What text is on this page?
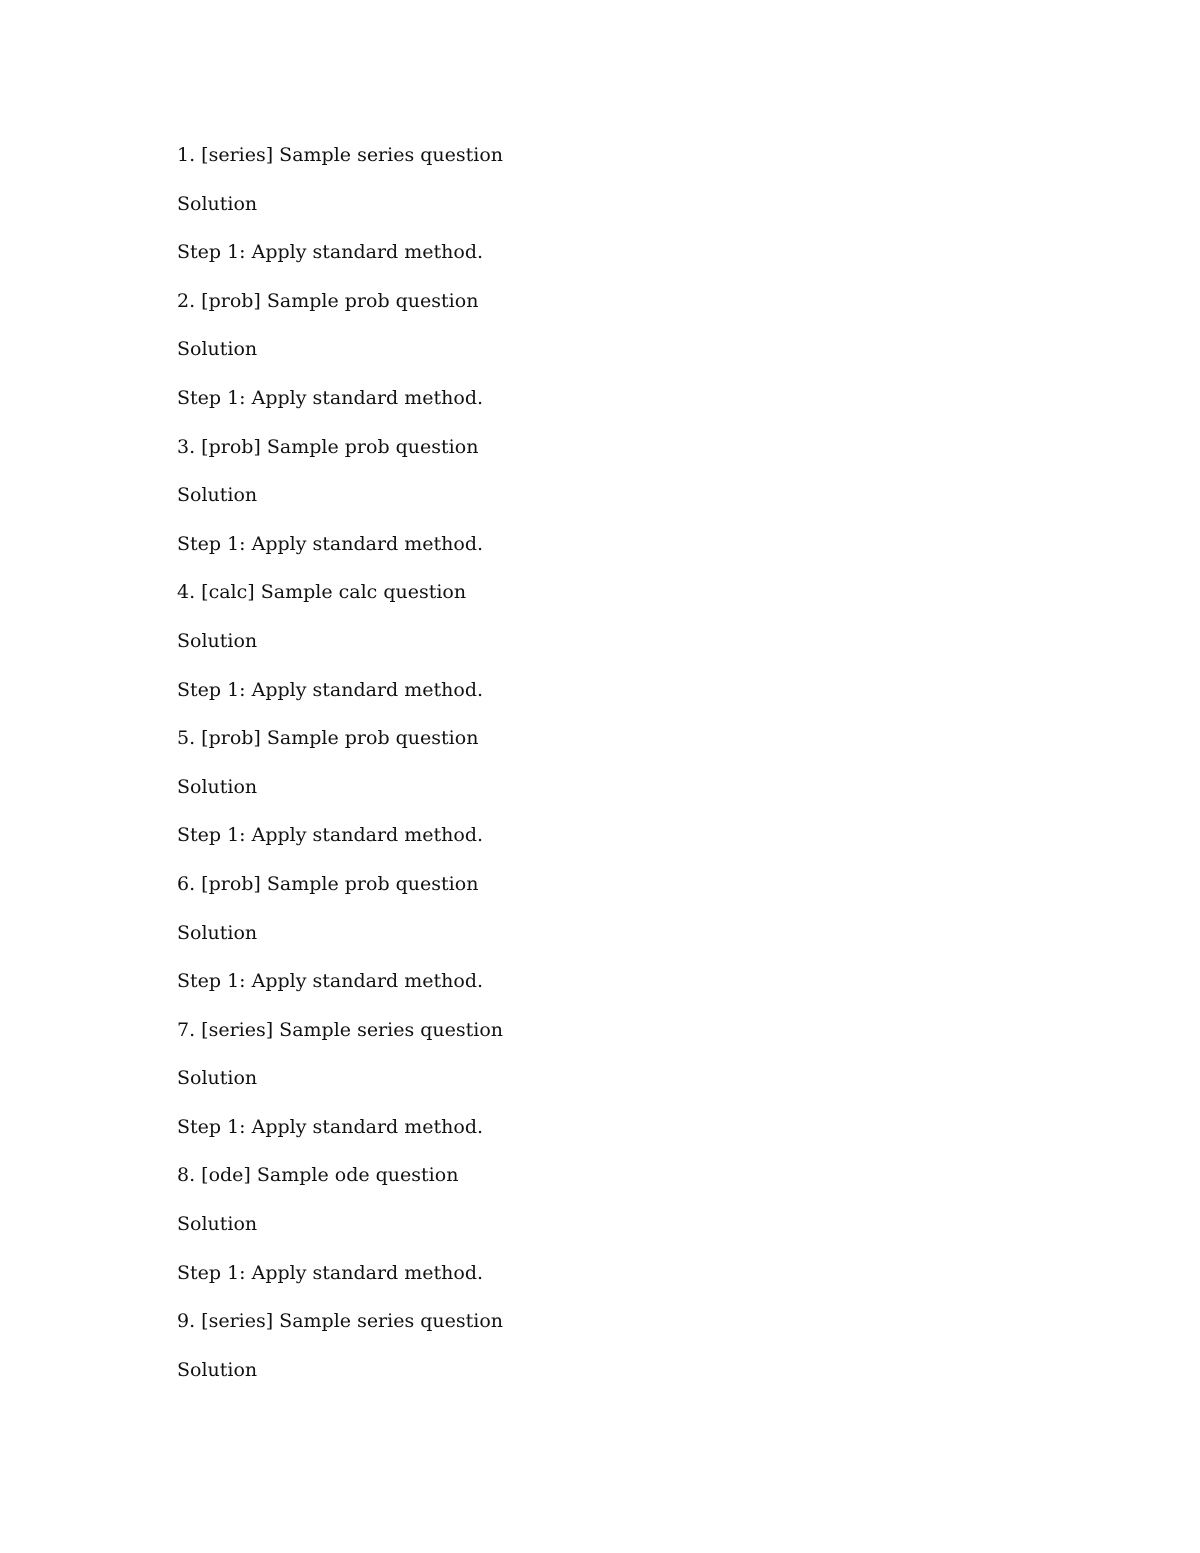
1. [series] Sample series question
Solution
Step 1: Apply standard method.
2. [prob] Sample prob question
Solution
Step 1: Apply standard method.
3. [prob] Sample prob question
Solution
Step 1: Apply standard method.
4. [calc] Sample calc question
Solution
Step 1: Apply standard method.
5. [prob] Sample prob question
Solution
Step 1: Apply standard method.
6. [prob] Sample prob question
Solution
Step 1: Apply standard method.
7. [series] Sample series question
Solution
Step 1: Apply standard method.
8. [ode] Sample ode question
Solution
Step 1: Apply standard method.
9. [series] Sample series question
Solution
